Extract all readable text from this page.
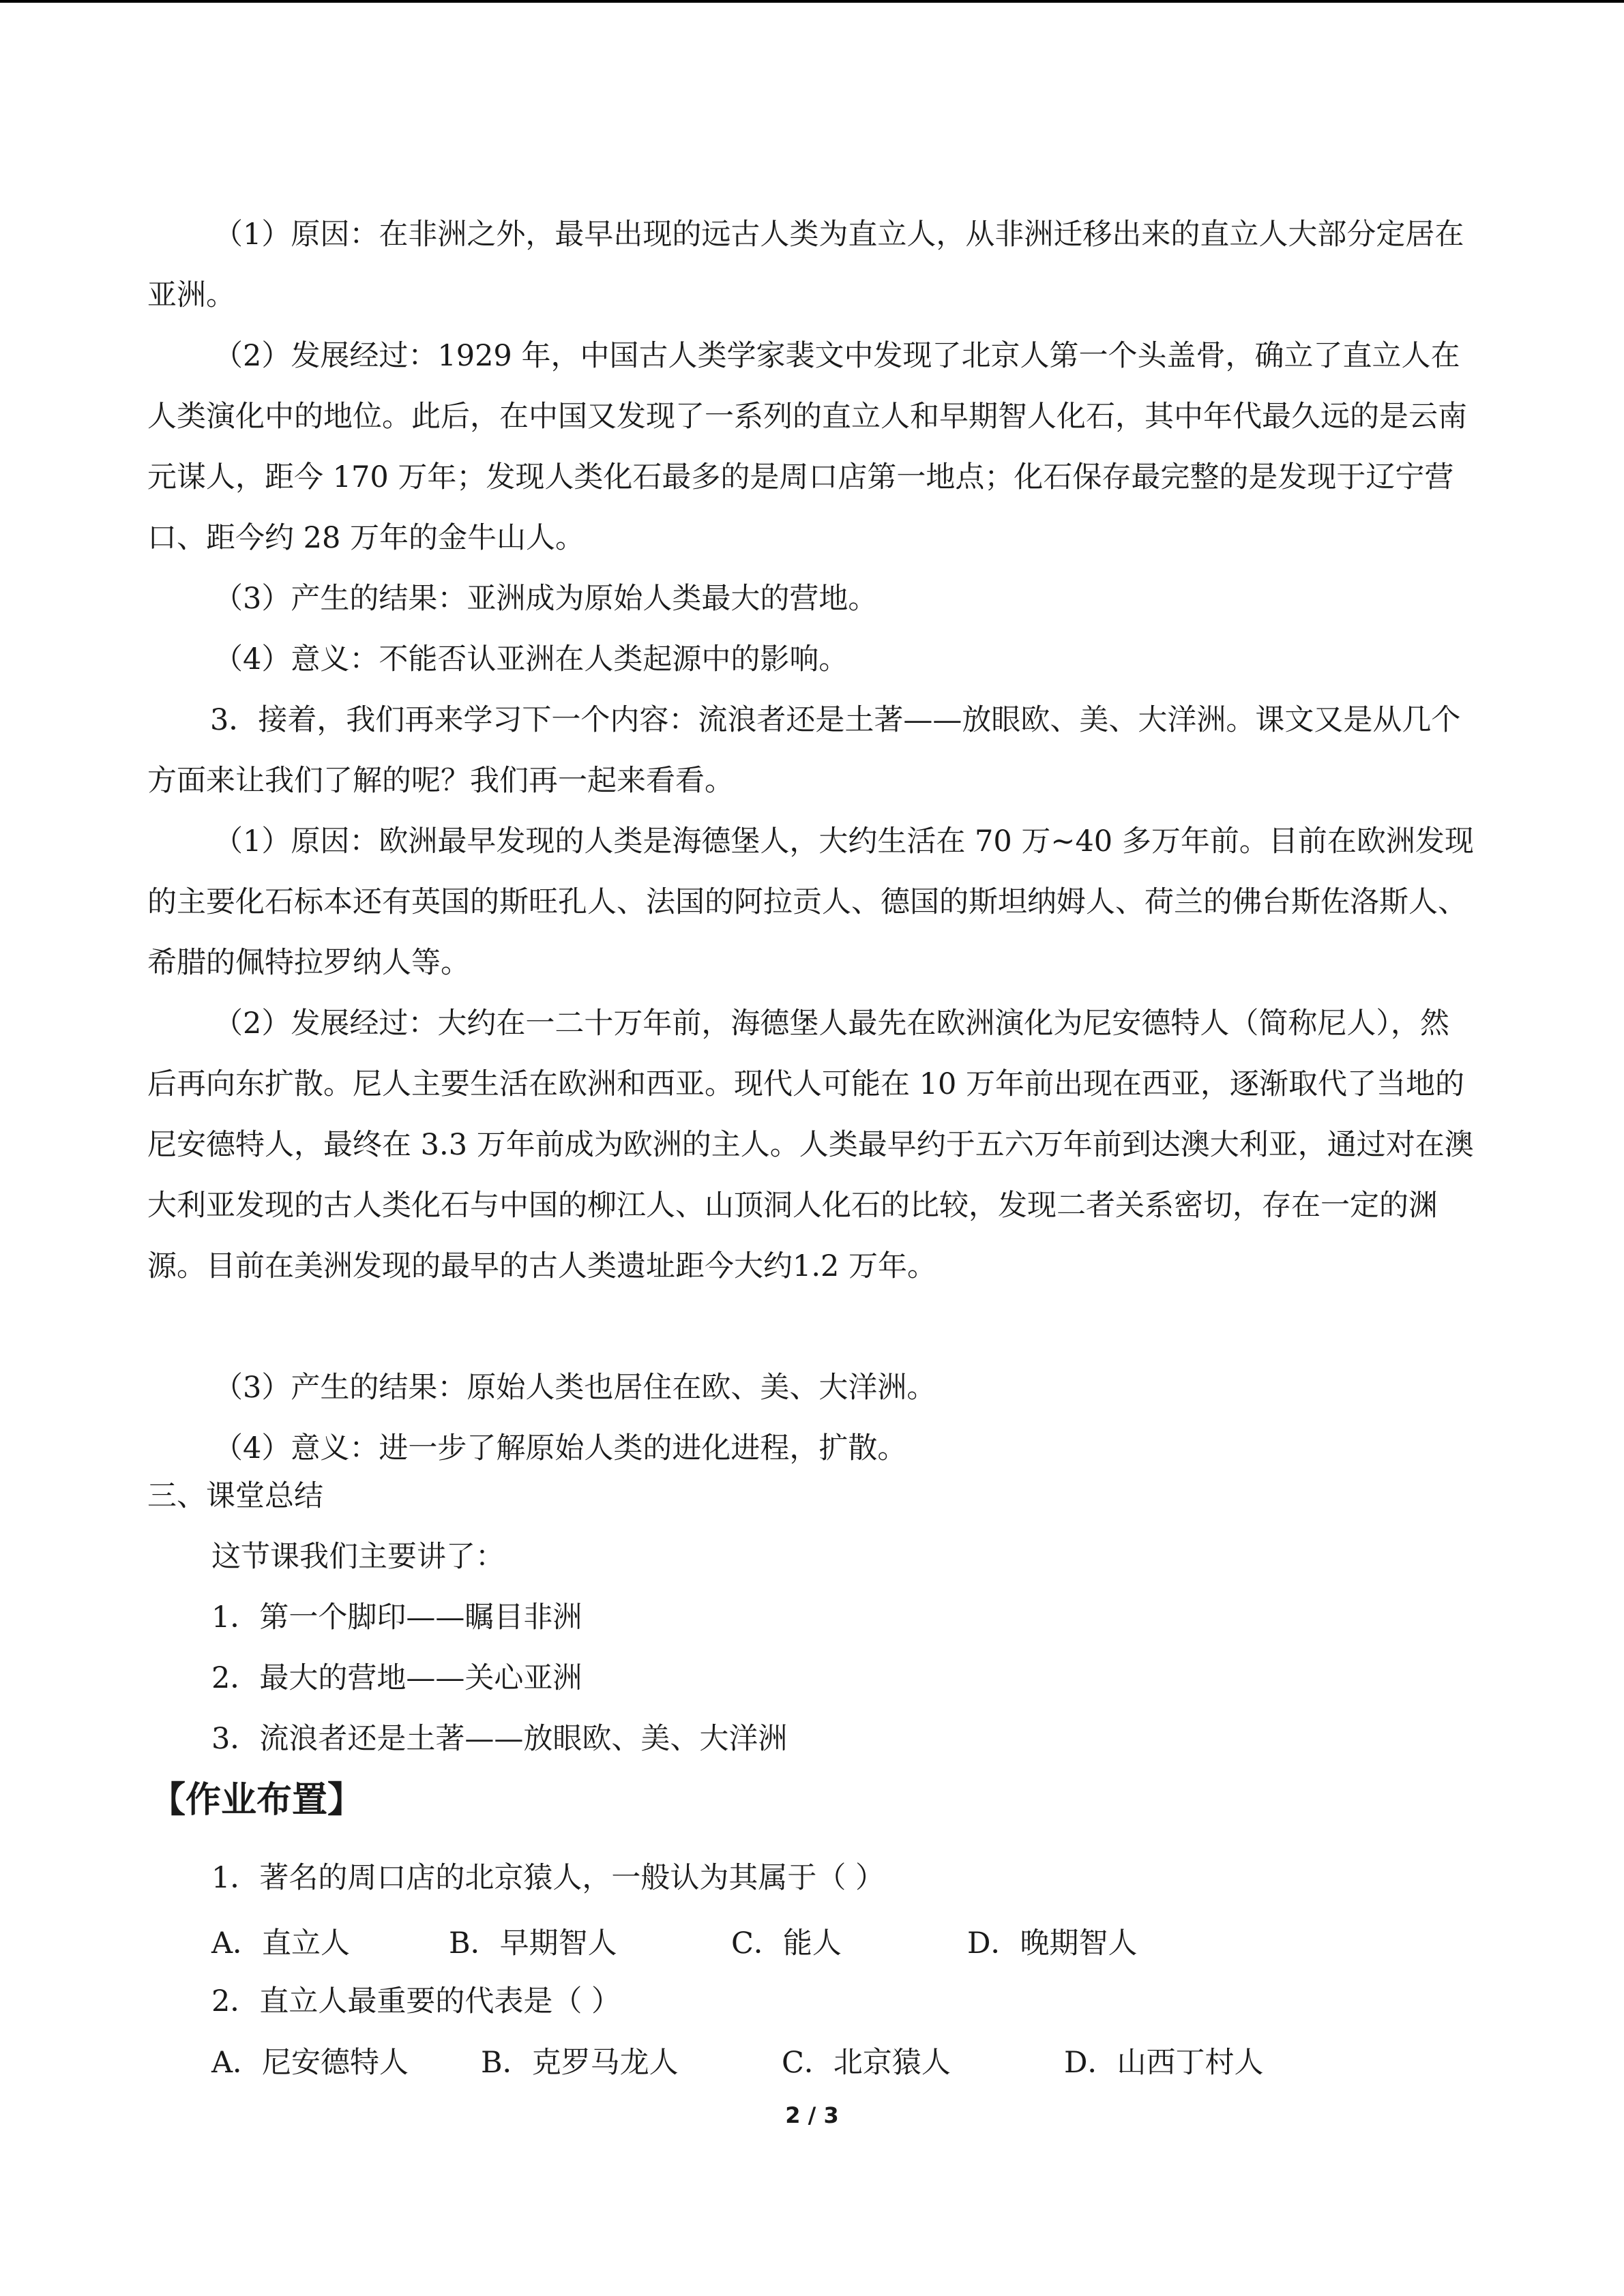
（1）原因：在非洲之外，最早出现的远古人类为直立人，从非洲迁移出来的直立人大部分定居在亚洲。

（2）发展经过：1929 年，中国古人类学家裴文中发现了北京人第一个头盖骨，确立了直立人在人类演化中的地位。此后，在中国又发现了一系列的直立人和早期智人化石，其中年代最久远的是云南元谋人，距今 170 万年；发现人类化石最多的是周口店第一地点；化石保存最完整的是发现于辽宁营口、距今约 28 万年的金牛山人。

（3）产生的结果：亚洲成为原始人类最大的营地。

（4）意义：不能否认亚洲在人类起源中的影响。

3．接着，我们再来学习下一个内容：流浪者还是土著——放眼欧、美、大洋洲。课文又是从几个方面来让我们了解的呢？我们再一起来看看。

（1）原因：欧洲最早发现的人类是海德堡人，大约生活在 70 万~40 多万年前。目前在欧洲发现的主要化石标本还有英国的斯旺孔人、法国的阿拉贡人、德国的斯坦纳姆人、荷兰的佛台斯佐洛斯人、希腊的佩特拉罗纳人等。

（2）发展经过：大约在一二十万年前，海德堡人最先在欧洲演化为尼安德特人（简称尼人），然后再向东扩散。尼人主要生活在欧洲和西亚。现代人可能在 10 万年前出现在西亚，逐渐取代了当地的尼安德特人，最终在 3.3 万年前成为欧洲的主人。人类最早约于五六万年前到达澳大利亚，通过对在澳大利亚发现的古人类化石与中国的柳江人、山顶洞人化石的比较，发现二者关系密切，存在一定的渊源。目前在美洲发现的最早的古人类遗址距今大约1.2 万年。

（3）产生的结果：原始人类也居住在欧、美、大洋洲。

（4）意义：进一步了解原始人类的进化进程，扩散。

三、课堂总结
这节课我们主要讲了：
1．第一个脚印——瞩目非洲
2．最大的营地——关心亚洲
3．流浪者还是土著——放眼欧、美、大洋洲
【作业布置】
1．著名的周口店的北京猿人，一般认为其属于（ ）
A．直立人	B．早期智人	C．能人	D．晚期智人
2．直立人最重要的代表是（ ）
A．尼安德特人 B．克罗马龙人	C．北京猿人	D．山西丁村人
2 / 3
